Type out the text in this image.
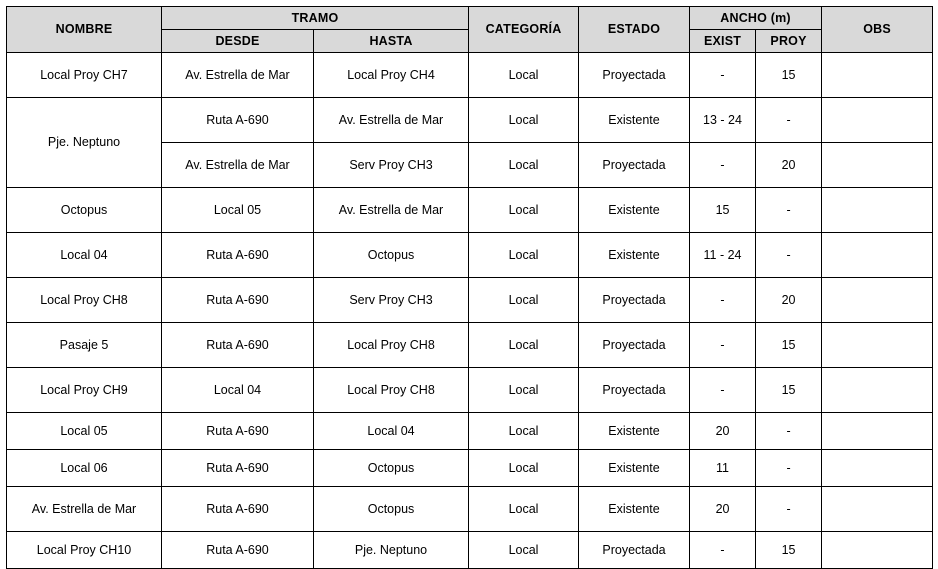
NOMBRE	TRAMO		CATEGORÍA	ESTADO	ANCHO (m)		OBS
	DESDE	HASTA			EXIST	PROY	
Local Proy CH7	Av. Estrella de Mar	Local Proy CH4	Local	Proyectada	-	15	
Pje. Neptuno	Ruta A-690	Av. Estrella de Mar	Local	Existente	13 - 24	-	
	Av. Estrella de Mar	Serv Proy CH3	Local	Proyectada	-	20	
Octopus	Local 05	Av. Estrella de Mar	Local	Existente	15	-	
Local 04	Ruta A-690	Octopus	Local	Existente	11 - 24	-	
Local Proy CH8	Ruta A-690	Serv Proy CH3	Local	Proyectada	-	20	
Pasaje 5	Ruta A-690	Local Proy CH8	Local	Proyectada	-	15	
Local Proy CH9	Local 04	Local Proy CH8	Local	Proyectada	-	15	
Local 05	Ruta A-690	Local 04	Local	Existente	20	-	
Local 06	Ruta A-690	Octopus	Local	Existente	11	-	
Av. Estrella de Mar	Ruta A-690	Octopus	Local	Existente	20	-	
Local Proy CH10	Ruta A-690	Pje. Neptuno	Local	Proyectada	-	15	
